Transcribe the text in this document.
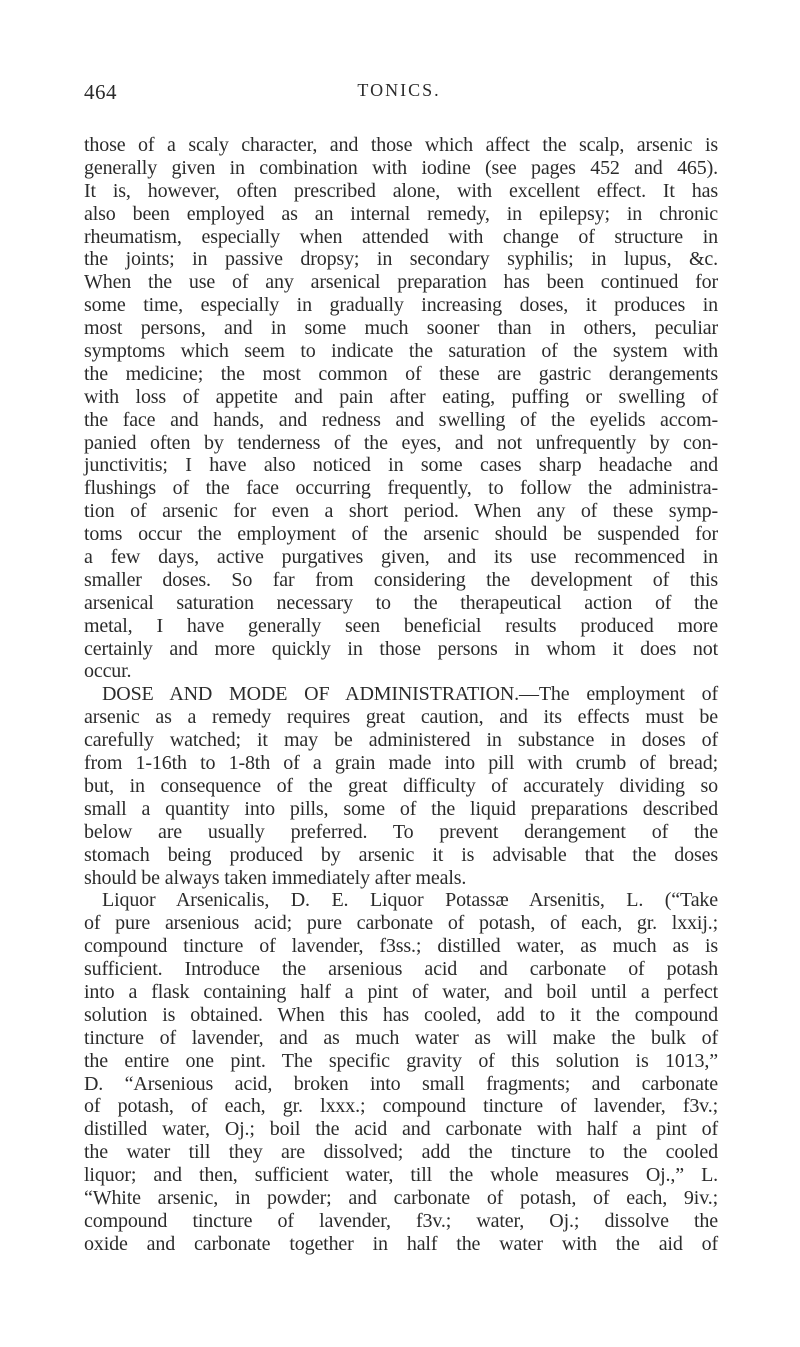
464	TONICS.
those of a scaly character, and those which affect the scalp, arsenic is
generally given in combination with iodine (see pages 452 and 465).
It is, however, often prescribed alone, with excellent effect. It has
also been employed as an internal remedy, in epilepsy; in chronic
rheumatism, especially when attended with change of structure in
the joints; in passive dropsy; in secondary syphilis; in lupus, &c.
When the use of any arsenical preparation has been continued for
some time, especially in gradually increasing doses, it produces in
most persons, and in some much sooner than in others, peculiar
symptoms which seem to indicate the saturation of the system with
the medicine; the most common of these are gastric derangements
with loss of appetite and pain after eating, puffing or swelling of
the face and hands, and redness and swelling of the eyelids accom-
panied often by tenderness of the eyes, and not unfrequently by con-
junctivitis; I have also noticed in some cases sharp headache and
flushings of the face occurring frequently, to follow the administra-
tion of arsenic for even a short period. When any of these symp-
toms occur the employment of the arsenic should be suspended for
a few days, active purgatives given, and its use recommenced in
smaller doses. So far from considering the development of this
arsenical saturation necessary to the therapeutical action of the
metal, I have generally seen beneficial results produced more
certainly and more quickly in those persons in whom it does not
occur.
DOSE AND MODE OF ADMINISTRATION.—The employment of
arsenic as a remedy requires great caution, and its effects must be
carefully watched; it may be administered in substance in doses of
from 1-16th to 1-8th of a grain made into pill with crumb of bread;
but, in consequence of the great difficulty of accurately dividing so
small a quantity into pills, some of the liquid preparations described
below are usually preferred. To prevent derangement of the
stomach being produced by arsenic it is advisable that the doses
should be always taken immediately after meals.
Liquor Arsenicalis, D. E. Liquor Potassæ Arsenitis, L. (“Take
of pure arsenious acid; pure carbonate of potash, of each, gr. lxxij.;
compound tincture of lavender, f3ss.; distilled water, as much as is
sufficient. Introduce the arsenious acid and carbonate of potash
into a flask containing half a pint of water, and boil until a perfect
solution is obtained. When this has cooled, add to it the compound
tincture of lavender, and as much water as will make the bulk of
the entire one pint. The specific gravity of this solution is 1013,”
D. “Arsenious acid, broken into small fragments; and carbonate
of potash, of each, gr. lxxx.; compound tincture of lavender, f3v.;
distilled water, Oj.; boil the acid and carbonate with half a pint of
the water till they are dissolved; add the tincture to the cooled
liquor; and then, sufficient water, till the whole measures Oj.,” L.
“White arsenic, in powder; and carbonate of potash, of each, 9iv.;
compound tincture of lavender, f3v.; water, Oj.; dissolve the
oxide and carbonate together in half the water with the aid of
